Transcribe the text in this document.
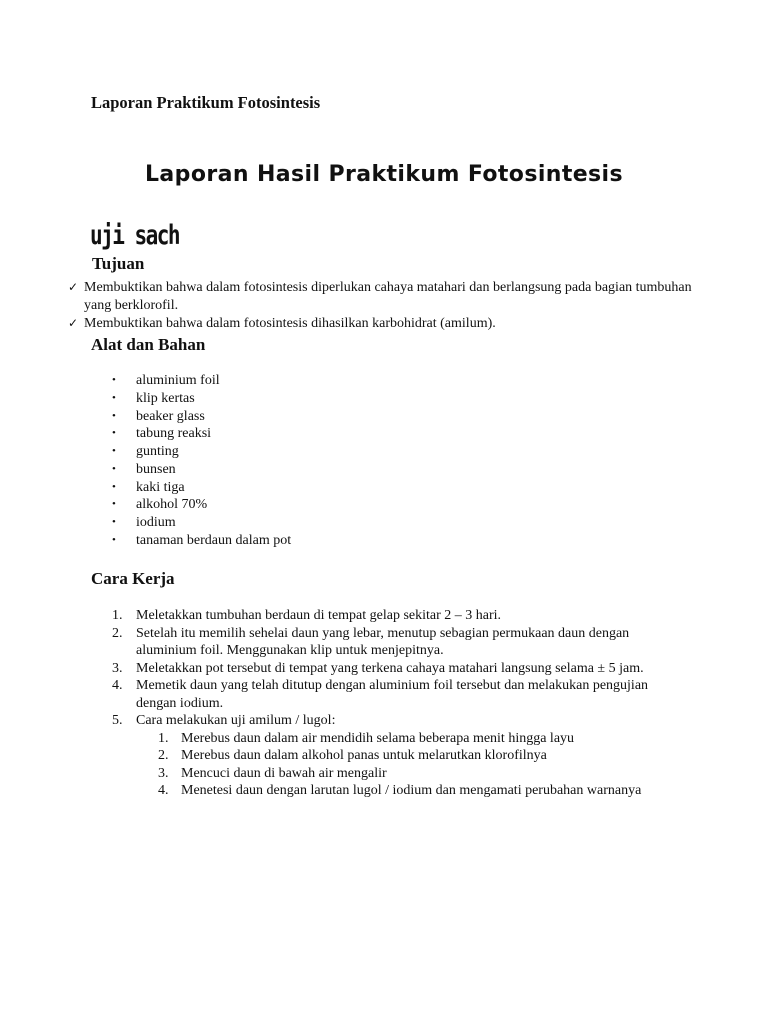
Laporan Praktikum Fotosintesis
Laporan Hasil Praktikum Fotosintesis
uji sach
Tujuan
✓ Membuktikan bahwa dalam fotosintesis diperlukan cahaya matahari dan berlangsung pada bagian tumbuhan yang berklorofil.
✓ Membuktikan bahwa dalam fotosintesis dihasilkan karbohidrat (amilum).
Alat dan Bahan
• aluminium foil
• klip kertas
• beaker glass
• tabung reaksi
• gunting
• bunsen
• kaki tiga
• alkohol 70%
• iodium
• tanaman berdaun dalam pot
Cara Kerja
1. Meletakkan tumbuhan berdaun di tempat gelap sekitar 2 – 3 hari.
2. Setelah itu memilih sehelai daun yang lebar, menutup sebagian permukaan daun dengan aluminium foil. Menggunakan klip untuk menjepitnya.
3. Meletakkan pot tersebut di tempat yang terkena cahaya matahari langsung selama ± 5 jam.
4. Memetik daun yang telah ditutup dengan aluminium foil tersebut dan melakukan pengujian dengan iodium.
5. Cara melakukan uji amilum / lugol:
1. Merebus daun dalam air mendidih selama beberapa menit hingga layu
2. Merebus daun dalam alkohol panas untuk melarutkan klorofilnya
3. Mencuci daun di bawah air mengalir
4. Menetesi daun dengan larutan lugol / iodium dan mengamati perubahan warnanya
